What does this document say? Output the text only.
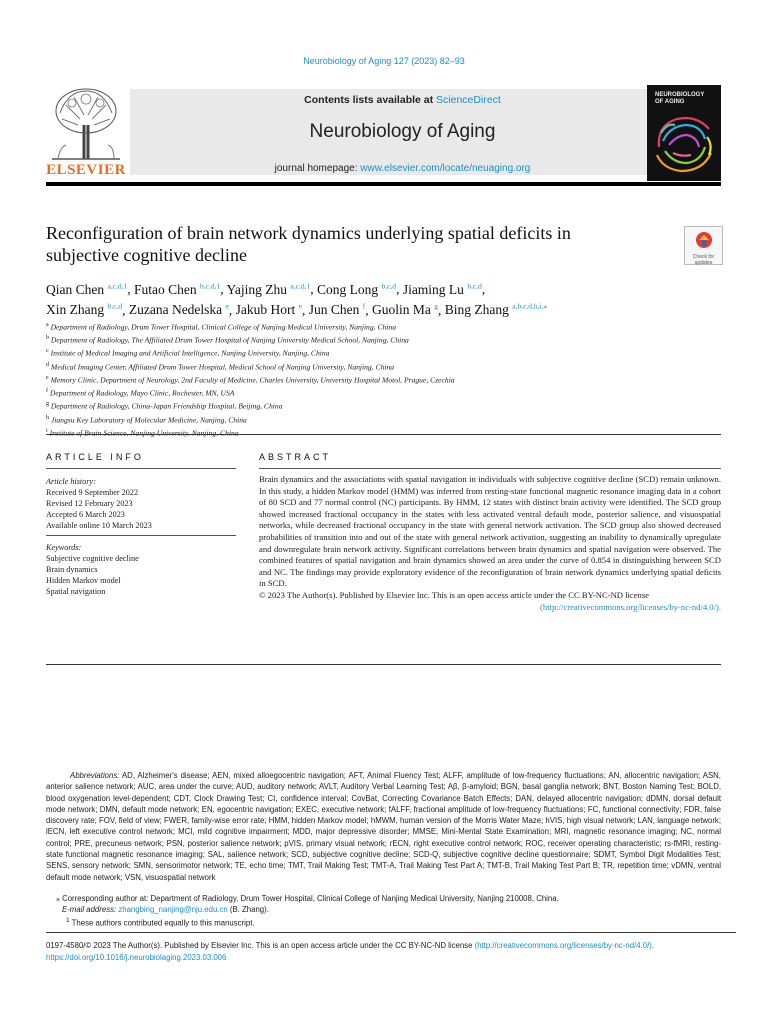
Neurobiology of Aging 127 (2023) 82–93
ELSEVIER
Contents lists available at ScienceDirect
Neurobiology of Aging
journal homepage: www.elsevier.com/locate/neuaging.org
NEUROBIOLOGY
OF AGING
Reconfiguration of brain network dynamics underlying spatial deficits in subjective cognitive decline	Check for
updates
Qian Chen $^{a,c,d,1}$, Futao Chen $^{b,c,d,1}$, Yajing Zhu $^{a,c,d,1}$, Cong Long $^{b,c,d}$, Jiaming Lu $^{b,c,d}$,
Xin Zhang $^{b,c,d}$, Zuzana Nedelska $^e$, Jakub Hort $^e$, Jun Chen $^f$, Guolin Ma $^g$, Bing Zhang $^{a,b,c,d,h,i,⁎}$
$^a$ Department of Radiology, Drum Tower Hospital, Clinical College of Nanjing Medical University, Nanjing, China
$^b$ Department of Radiology, The Affiliated Drum Tower Hospital of Nanjing University Medical School, Nanjing, China
$^c$ Institute of Medical Imaging and Artificial Intelligence, Nanjing University, Nanjing, China
$^d$ Medical Imaging Center, Affiliated Drum Tower Hospital, Medical School of Nanjing University, Nanjing, China
$^e$ Memory Clinic, Department of Neurology, 2nd Faculty of Medicine, Charles University, University Hospital Motol, Prague, Czechia
$^f$ Department of Radiology, Mayo Clinic, Rochester, MN, USA
$^g$ Department of Radiology, China-Japan Friendship Hospital, Beijing, China
$^h$ Jiangsu Key Laboratory of Molecular Medicine, Nanjing, China
$^i$ Institute of Brain Science, Nanjing University, Nanjing, China
ARTICLE INFO	ABSTRACT
Article history:
Received 9 September 2022
Revised 12 February 2023
Accepted 6 March 2023
Available online 10 March 2023
Keywords:
Subjective cognitive decline
Brain dynamics
Hidden Markov model
Spatial navigation

Brain dynamics and the associations with spatial navigation in individuals with subjective cognitive decline (SCD) remain unknown. In this study, a hidden Markov model (HMM) was inferred from resting-state functional magnetic resonance imaging data in a cohort of 80 SCD and 77 normal control (NC) participants. By HMM, 12 states with distinct brain activity were identified. The SCD group showed increased fractional occupancy in the states with less activated ventral default mode, posterior salience, and visuospatial networks, while decreased fractional occupancy in the state with general network activation. The SCD group also showed decreased probabilities of transition into and out of the state with general network activation, suggesting an inability to dynamically upregulate and downregulate brain network activity. Significant correlations between brain dynamics and spatial navigation were observed. The combined features of spatial navigation and brain dynamics showed an area under the curve of 0.854 in distinguishing between SCD and NC. The findings may provide exploratory evidence of the reconfiguration of brain network dynamics underlying spatial deficits in SCD.

© 2023 The Author(s). Published by Elsevier Inc. This is an open access article under the CC BY-NC-ND license

(http://creativecommons.org/licenses/by-nc-nd/4.0/).

Abbreviations: AD, Alzheimer's disease; AEN, mixed alloegocentric navigation; AFT, Animal Fluency Test; ALFF, amplitude of low-frequency fluctuations; AN, allocentric navigation; ASN, anterior salience network; AUC, area under the curve; AUD, auditory network; AVLT, Auditory Verbal Learning Test; Aβ, β-amyloid; BGN, basal ganglia network; BNT, Boston Naming Test; BOLD, blood oxygenation level-dependent; CDT, Clock Drawing Test; CI, confidence interval; CovBat, Correcting Covariance Batch Effects; DAN, delayed allocentric navigation; dDMN, dorsal default mode network; DMN, default mode network; EN, egocentric navigation; EXEC, executive network; fALFF, fractional amplitude of low-frequency fluctuations; FC, functional connectivity; FDR, false discovery rate; FOV, field of view; FWER, family-wise error rate; HMM, hidden Markov model; hMWM, human version of the Morris Water Maze; hVIS, high visual network; LAN, language network; lECN, left executive control network; MCI, mild cognitive impairment; MDD, major depressive disorder; MMSE, Mini-Mental State Examination; MRI, magnetic resonance imaging; NC, normal control; PRE, precuneus network; PSN, posterior salience network; pVIS, primary visual network; rECN, right executive control network; ROC, receiver operating characteristic; rs-fMRI, resting-state functional magnetic resonance imaging; SAL, salience network; SCD, subjective cognitive decline; SCD-Q, subjective cognitive decline questionnaire; SDMT, Symbol Digit Modalities Test; SENS, sensory network; SMN, sensorimotor network; TE, echo time; TMT, Trail Making Test; TMT-A, Trail Making Test Part A; TMT-B, Trail Making Test Part B; TR, repetition time; vDMN, ventral default mode network; VSN, visuospatial network
⁎ Corresponding author at: Department of Radiology, Drum Tower Hospital, Clinical College of Nanjing Medical University, Nanjing 210008, China.
E-mail address: zhangbing_nanjing@nju.edu.cn (B. Zhang).
$^1$ These authors contributed equally to this manuscript.
0197-4580/© 2023 The Author(s). Published by Elsevier Inc. This is an open access article under the CC BY-NC-ND license (http://creativecommons.org/licenses/by-nc-nd/4.0/).
https://doi.org/10.1016/j.neurobiolaging.2023.03.006
